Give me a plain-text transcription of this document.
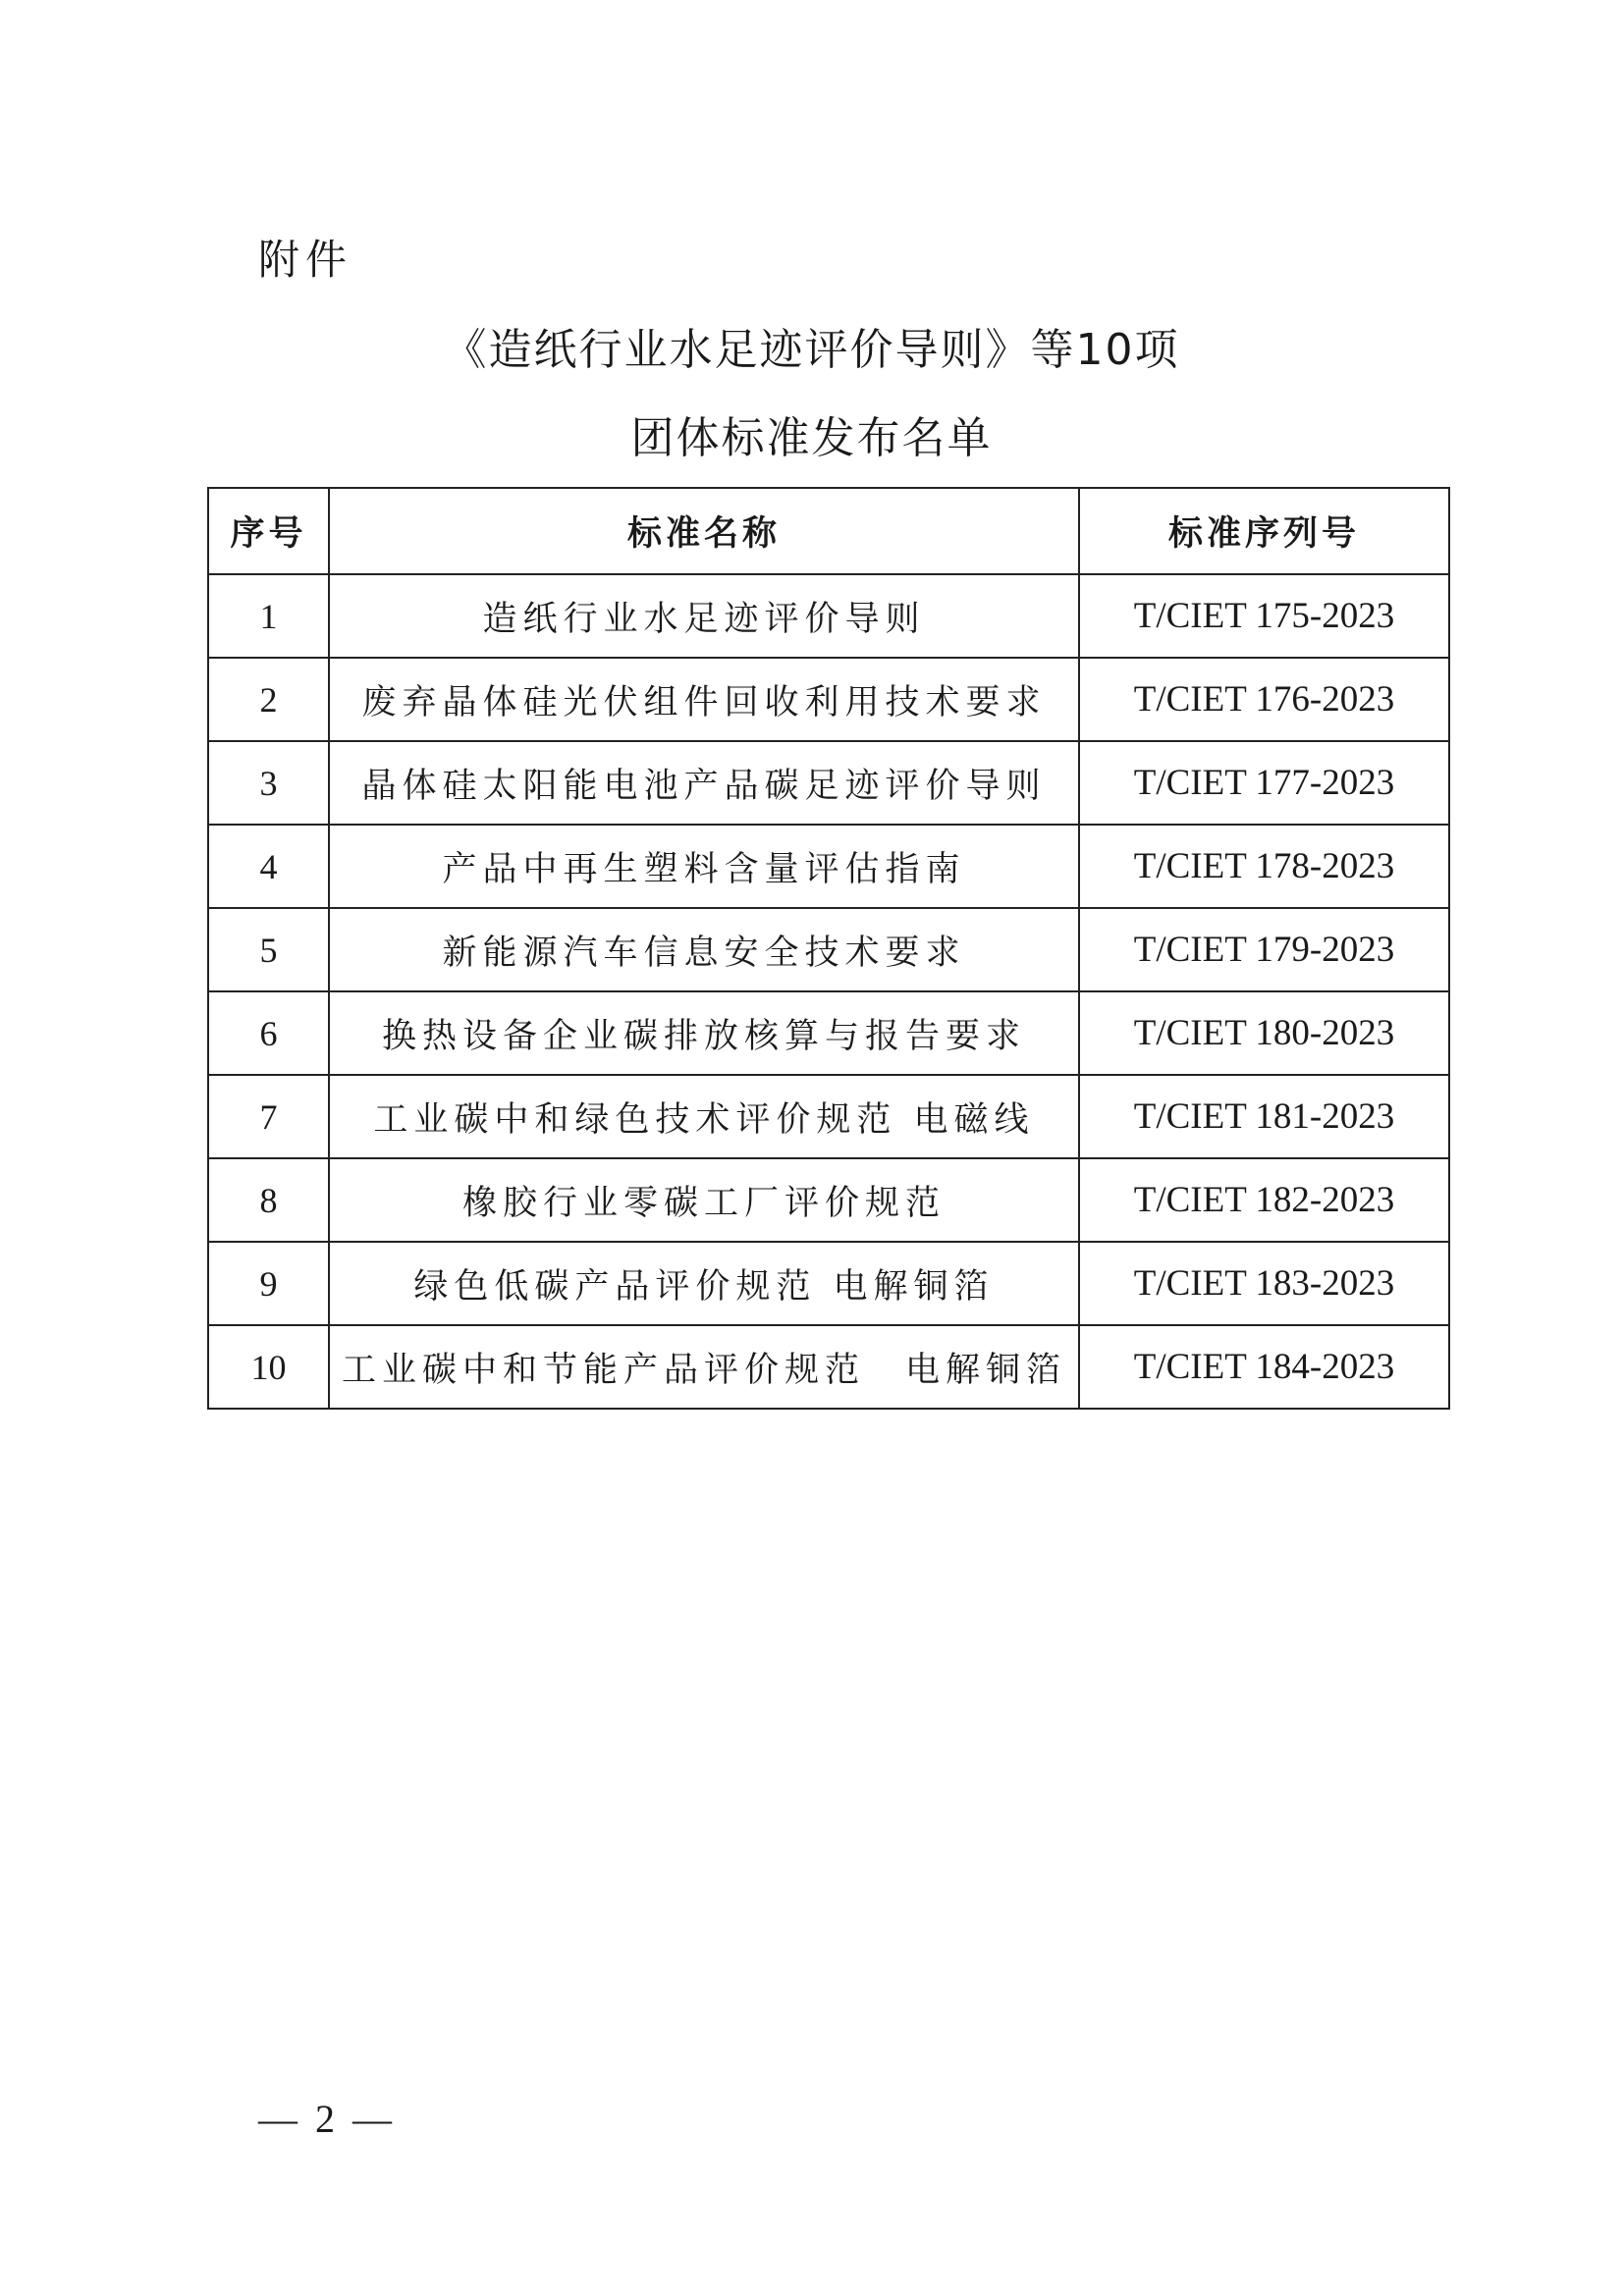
附件
《造纸行业水足迹评价导则》等10项
团体标准发布名单
序号	标准名称	标准序列号
1	造纸行业水足迹评价导则	T/CIET 175-2023
2	废弃晶体硅光伏组件回收利用技术要求	T/CIET 176-2023
3	晶体硅太阳能电池产品碳足迹评价导则	T/CIET 177-2023
4	产品中再生塑料含量评估指南	T/CIET 178-2023
5	新能源汽车信息安全技术要求	T/CIET 179-2023
6	换热设备企业碳排放核算与报告要求	T/CIET 180-2023
7	工业碳中和绿色技术评价规范 电磁线	T/CIET 181-2023
8	橡胶行业零碳工厂评价规范	T/CIET 182-2023
9	绿色低碳产品评价规范 电解铜箔	T/CIET 183-2023
10	工业碳中和节能产品评价规范　电解铜箔	T/CIET 184-2023
— 2 —
